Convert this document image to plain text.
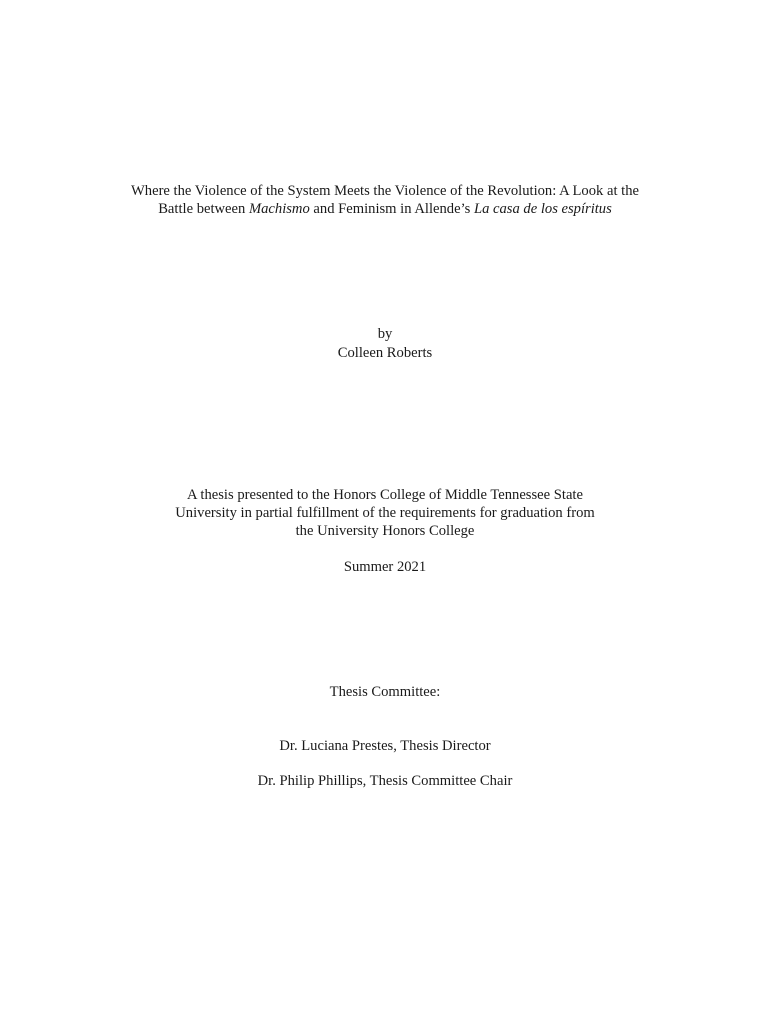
Where the Violence of the System Meets the Violence of the Revolution: A Look at the
Battle between Machismo and Feminism in Allende’s La casa de los espíritus
by
Colleen Roberts
A thesis presented to the Honors College of Middle Tennessee State
University in partial fulfillment of the requirements for graduation from
the University Honors College
Summer 2021
Thesis Committee:
Dr. Luciana Prestes, Thesis Director
Dr. Philip Phillips, Thesis Committee Chair
